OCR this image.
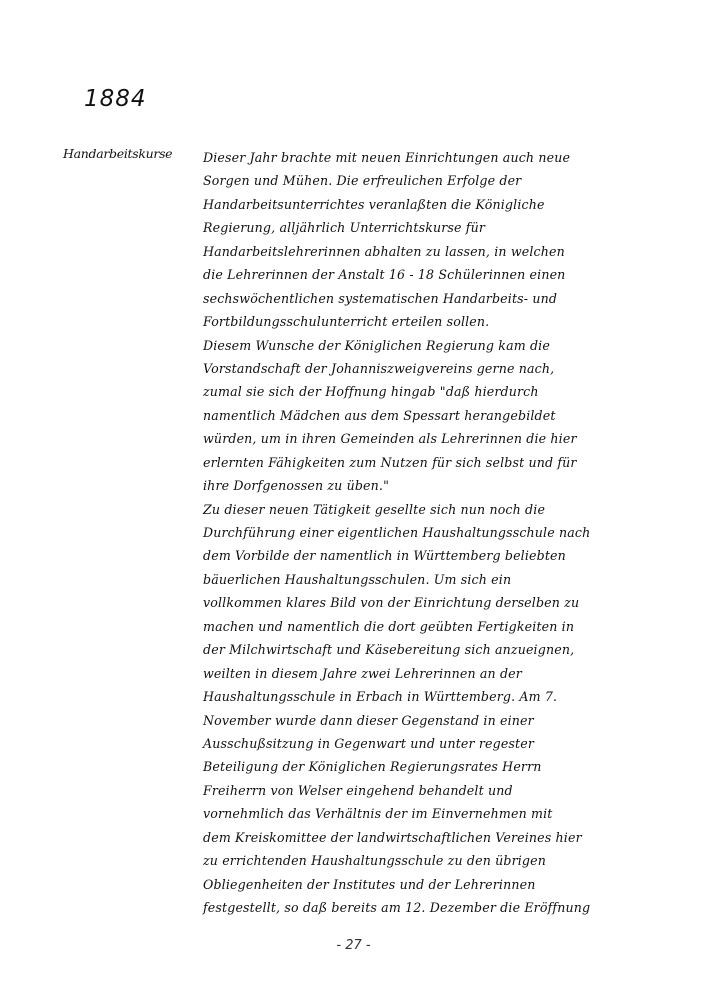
1884
Handarbeitskurse Dieser Jahr brachte mit neuen Einrichtungen auch neue
Sorgen und Mühen. Die erfreulichen Erfolge der
Handarbeitsunterrichtes veranlaßten die Königliche
Regierung, alljährlich Unterrichtskurse für
Handarbeitslehrerinnen abhalten zu lassen, in welchen
die Lehrerinnen der Anstalt 16 - 18 Schülerinnen einen
sechswöchentlichen systematischen Handarbeits- und
Fortbildungsschulunterricht erteilen sollen.
Diesem Wunsche der Königlichen Regierung kam die
Vorstandschaft der Johanniszweigvereins gerne nach,
zumal sie sich der Hoffnung hingab "daß hierdurch
namentlich Mädchen aus dem Spessart herangebildet
würden, um in ihren Gemeinden als Lehrerinnen die hier
erlernten Fähigkeiten zum Nutzen für sich selbst und für
ihre Dorfgenossen zu üben."
Zu dieser neuen Tätigkeit gesellte sich nun noch die
Durchführung einer eigentlichen Haushaltungsschule nach
dem Vorbilde der namentlich in Württemberg beliebten
bäuerlichen Haushaltungsschulen. Um sich ein
vollkommen klares Bild von der Einrichtung derselben zu
machen und namentlich die dort geübten Fertigkeiten in
der Milchwirtschaft und Käsebereitung sich anzueignen,
weilten in diesem Jahre zwei Lehrerinnen an der
Haushaltungsschule in Erbach in Württemberg. Am 7.
November wurde dann dieser Gegenstand in einer
Ausschußsitzung in Gegenwart und unter regester
Beteiligung der Königlichen Regierungsrates Herrn
Freiherrn von Welser eingehend behandelt und
vornehmlich das Verhältnis der im Einvernehmen mit
dem Kreiskomittee der landwirtschaftlichen Vereines hier
zu errichtenden Haushaltungsschule zu den übrigen
Obliegenheiten der Institutes und der Lehrerinnen
festgestellt, so daß bereits am 12. Dezember die Eröffnung
- 27 -
